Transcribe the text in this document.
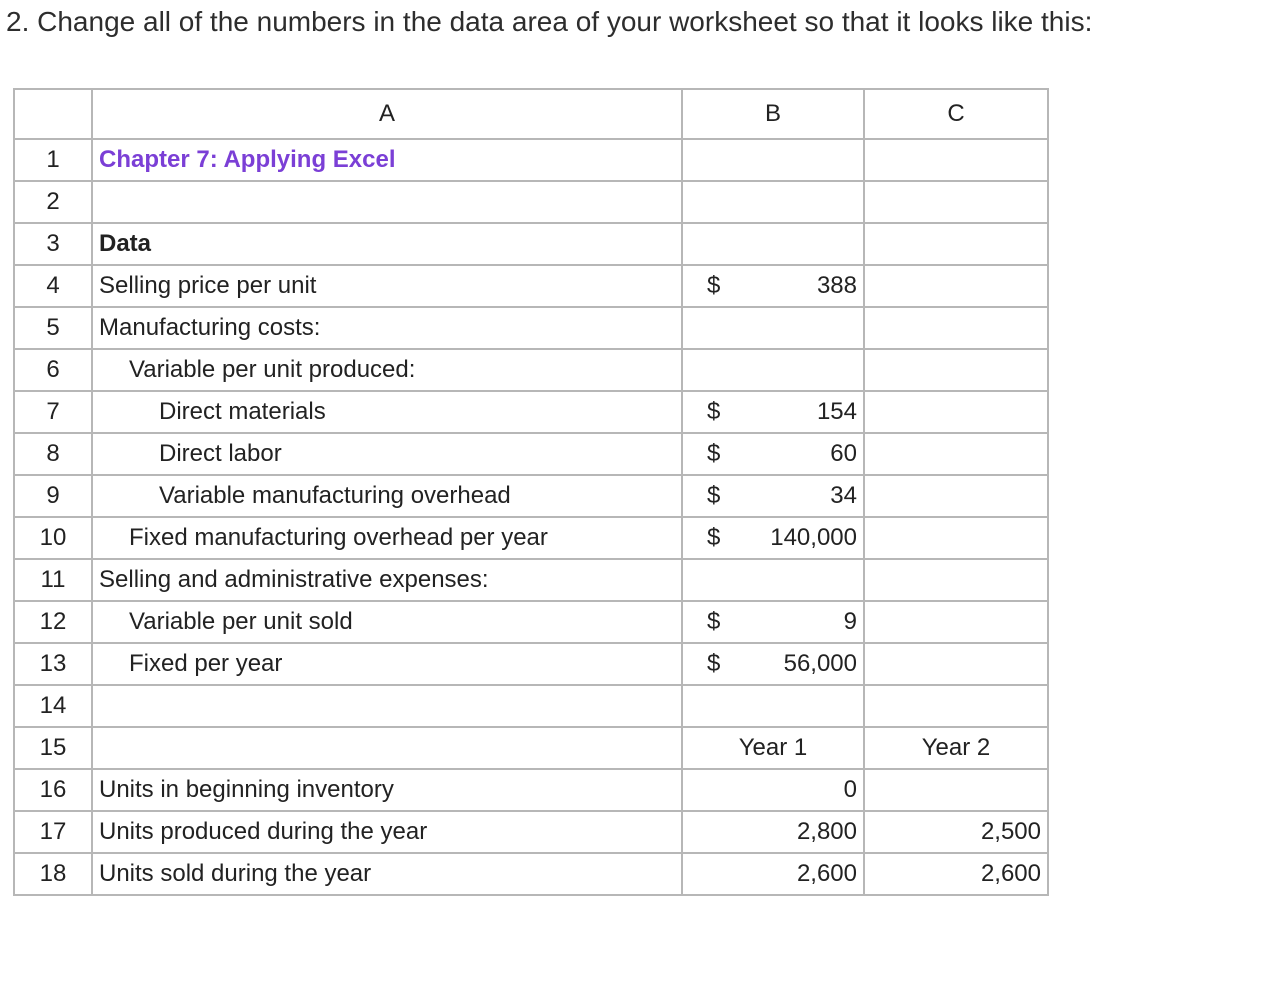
2. Change all of the numbers in the data area of your worksheet so that it looks like this:
	A	B	C
1	Chapter 7: Applying Excel		
2			
3	Data		
4	Selling price per unit	$ 388	

5	Manufacturing costs:		
6	Variable per unit produced:		
7	Direct materials	$ 154	

8	Direct labor	$ 60	

9	Variable manufacturing overhead	$ 34	

10	Fixed manufacturing overhead per year	$ 140,000	

11	Selling and administrative expenses:		
12	Variable per unit sold	$ 9	

13	Fixed per year	$ 56,000	

14			
15		Year 1	Year 2

16	Units in beginning inventory	0	

17	Units produced during the year	2,800	2,500

18	Units sold during the year	2,600	2,600
